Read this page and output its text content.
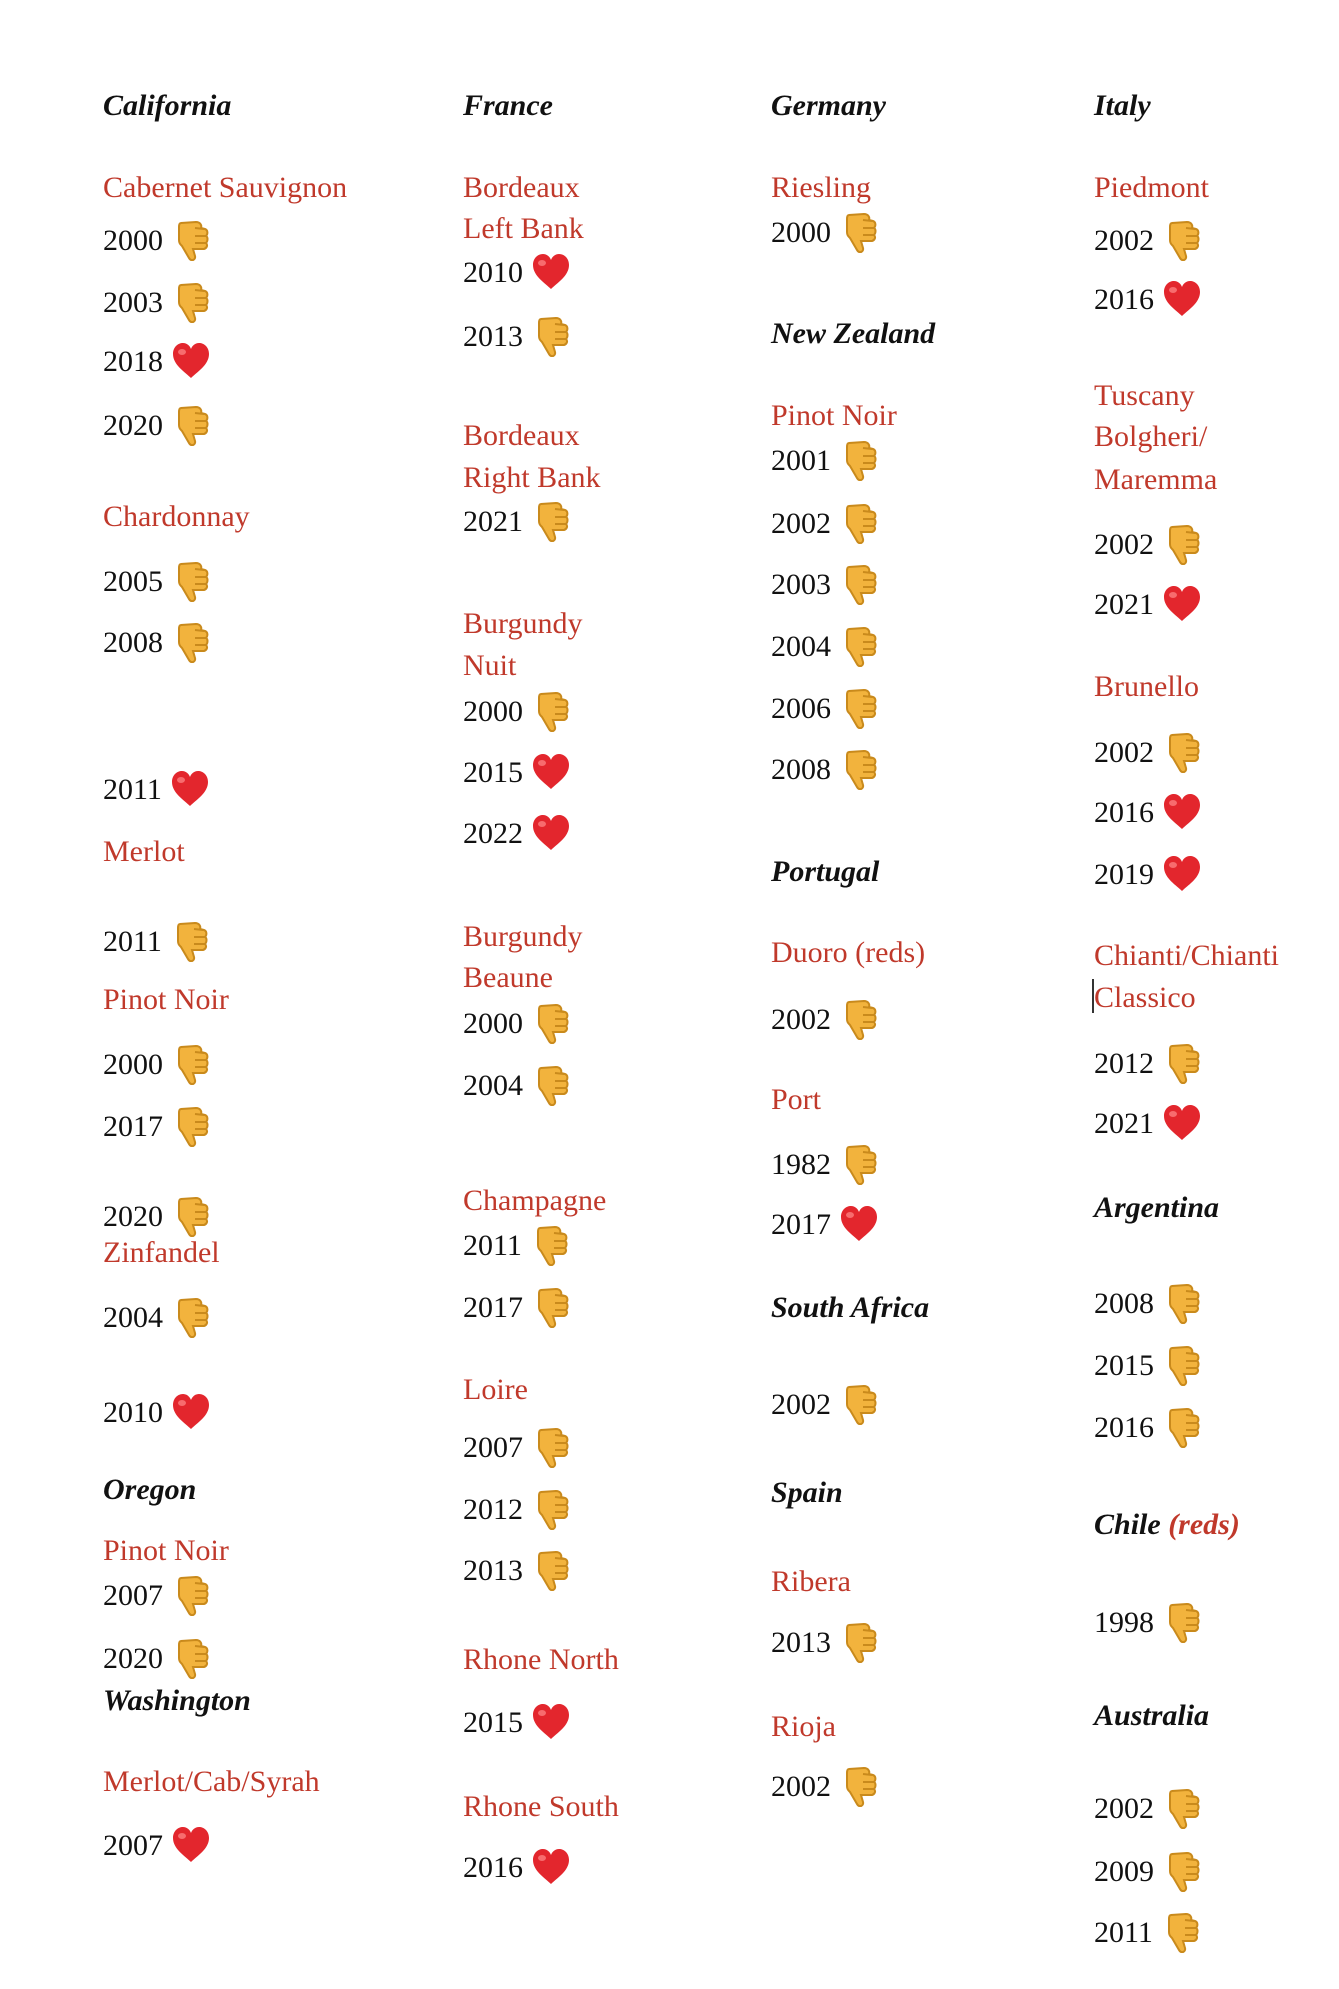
California
Cabernet Sauvignon
2000
2003
2018
2020
Chardonnay
2005
2008
2011
Merlot
2011
Pinot Noir
2000
2017
2020
Zinfandel
2004
2010
Oregon
Pinot Noir
2007
2020
Washington
Merlot/Cab/Syrah
2007
France
Bordeaux
Left Bank
2010
2013
Bordeaux
Right Bank
2021
Burgundy
Nuit
2000
2015
2022
Burgundy
Beaune
2000
2004
Champagne
2011
2017
Loire
2007
2012
2013
Rhone North
2015
Rhone South
2016
Germany
Riesling
2000
New Zealand
Pinot Noir
2001
2002
2003
2004
2006
2008
Portugal
Duoro (reds)
2002
Port
1982
2017
South Africa
2002
Spain
Ribera
2013
Rioja
2002
Italy
Piedmont
2002
2016
Tuscany
Bolgheri/
Maremma
2002
2021
Brunello
2002
2016
2019
Chianti/Chianti
Classico
2012
2021
Argentina
2008
2015
2016
Chile (reds)
1998
Australia
2002
2009
2011
